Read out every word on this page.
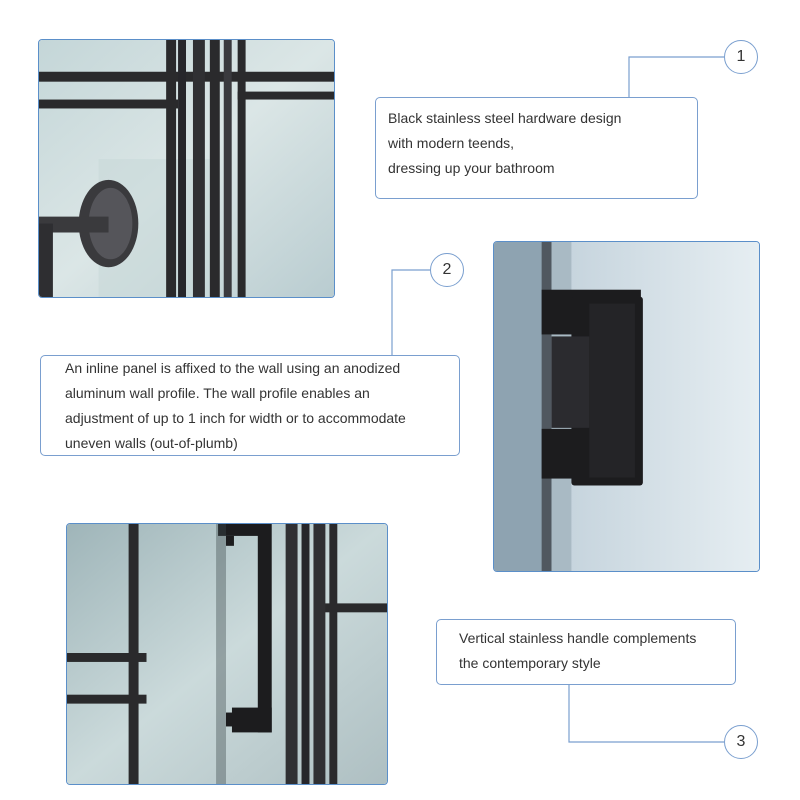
Black stainless steel hardware design
with modern teends,
dressing up your bathroom
1
An inline panel is affixed to the wall using an anodized
aluminum wall profile. The wall profile enables an
adjustment of up to 1 inch for width or to accommodate
uneven walls (out-of-plumb)
2
Vertical stainless handle complements
the contemporary style
3
